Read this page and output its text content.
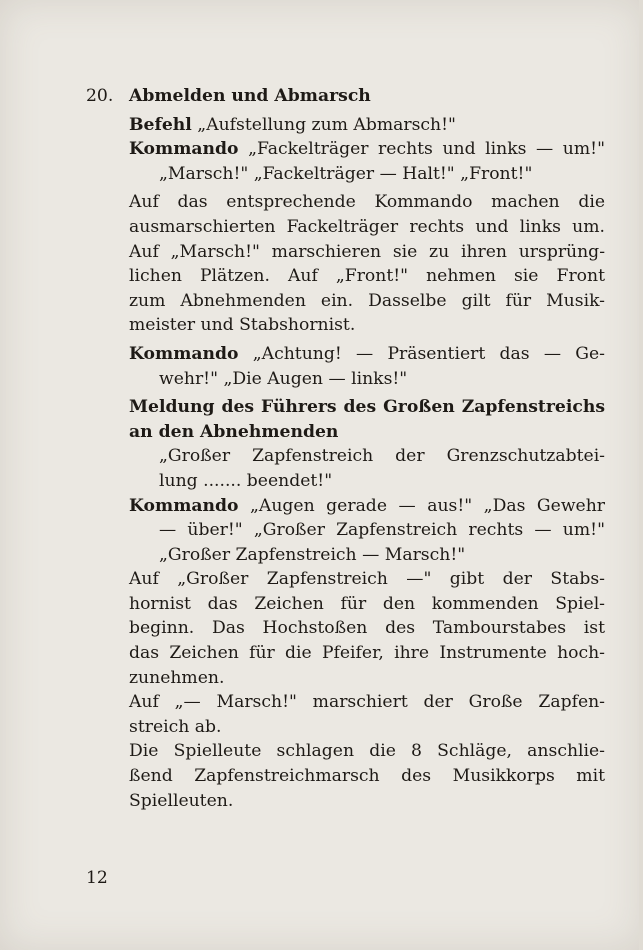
20. Abmelden und Abmarsch
Befehl „Aufstellung zum Abmarsch!"
Kommando „Fackelträger rechts und links — um!"
„Marsch!" „Fackelträger — Halt!" „Front!"
Auf das entsprechende Kommando machen die
ausmarschierten Fackelträger rechts und links um.
Auf „Marsch!" marschieren sie zu ihren ursprüng-
lichen Plätzen. Auf „Front!" nehmen sie Front
zum Abnehmenden ein. Dasselbe gilt für Musik-
meister und Stabshornist.
Kommando „Achtung! — Präsentiert das — Ge-
wehr!" „Die Augen — links!"
Meldung des Führers des Großen Zapfenstreichs
an den Abnehmenden
„Großer Zapfenstreich der Grenzschutzabtei-
lung ....... beendet!"
Kommando „Augen gerade — aus!" „Das Gewehr
— über!" „Großer Zapfenstreich rechts — um!"
„Großer Zapfenstreich — Marsch!"
Auf „Großer Zapfenstreich —" gibt der Stabs-
hornist das Zeichen für den kommenden Spiel-
beginn. Das Hochstoßen des Tambourstabes ist
das Zeichen für die Pfeifer, ihre Instrumente hoch-
zunehmen.
Auf „— Marsch!" marschiert der Große Zapfen-
streich ab.
Die Spielleute schlagen die 8 Schläge, anschlie-
ßend Zapfenstreichmarsch des Musikkorps mit
Spielleuten.
12
